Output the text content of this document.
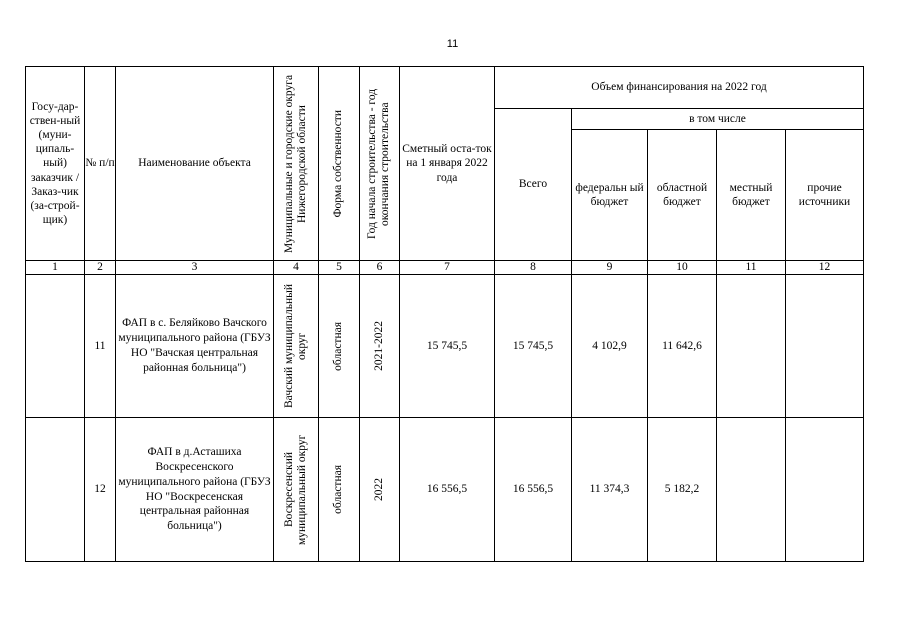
11
Госу-дар-ствен-ный (муни-ципаль-ный) заказчик / Заказ-чик (за-строй-щик)	№ п/п	Наименование объекта	Муниципальные и городские округа Нижегородской области	Форма собственности	Год начала строительства - год окончания строительства	Сметный оста-ток на 1 января 2022 года	Объем финансирования на 2022 год				
							Всего	в том числе			
								федеральн ый бюджет	областной бюджет	местный бюджет	прочие источники
1	2	3	4	5	6	7	8	9	10	11	12
	11	ФАП в с. Беляйково Вачского муниципального района (ГБУЗ НО "Вачская центральная районная больница")	Вачский муниципальный округ	областная	2021-2022	15 745,5	15 745,5	4 102,9	11 642,6		
	12	ФАП в д.Асташиха Воскресенского муниципального района (ГБУЗ НО "Воскресенская центральная районная больница")	Воскресенский муниципальный округ	областная	2022	16 556,5	16 556,5	11 374,3	5 182,2		
